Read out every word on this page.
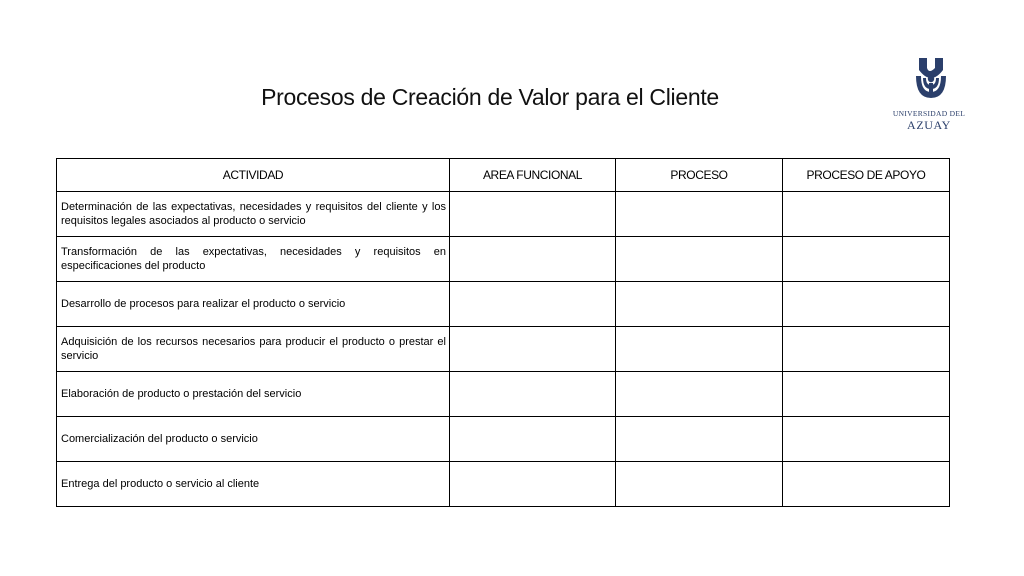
Procesos de Creación de Valor para el Cliente
UNIVERSIDAD DEL
AZUAY
ACTIVIDAD	AREA FUNCIONAL	PROCESO	PROCESO DE APOYO
Determinación de las expectativas, necesidades y requisitos del cliente y los requisitos legales asociados al producto o servicio			
Transformación de las expectativas, necesidades y requisitos en especificaciones del producto			
Desarrollo de procesos para realizar el producto o servicio			
Adquisición de los recursos necesarios para producir el producto o prestar el servicio			
Elaboración de producto o prestación del servicio			
Comercialización del producto o servicio			
Entrega del producto o servicio al cliente			
